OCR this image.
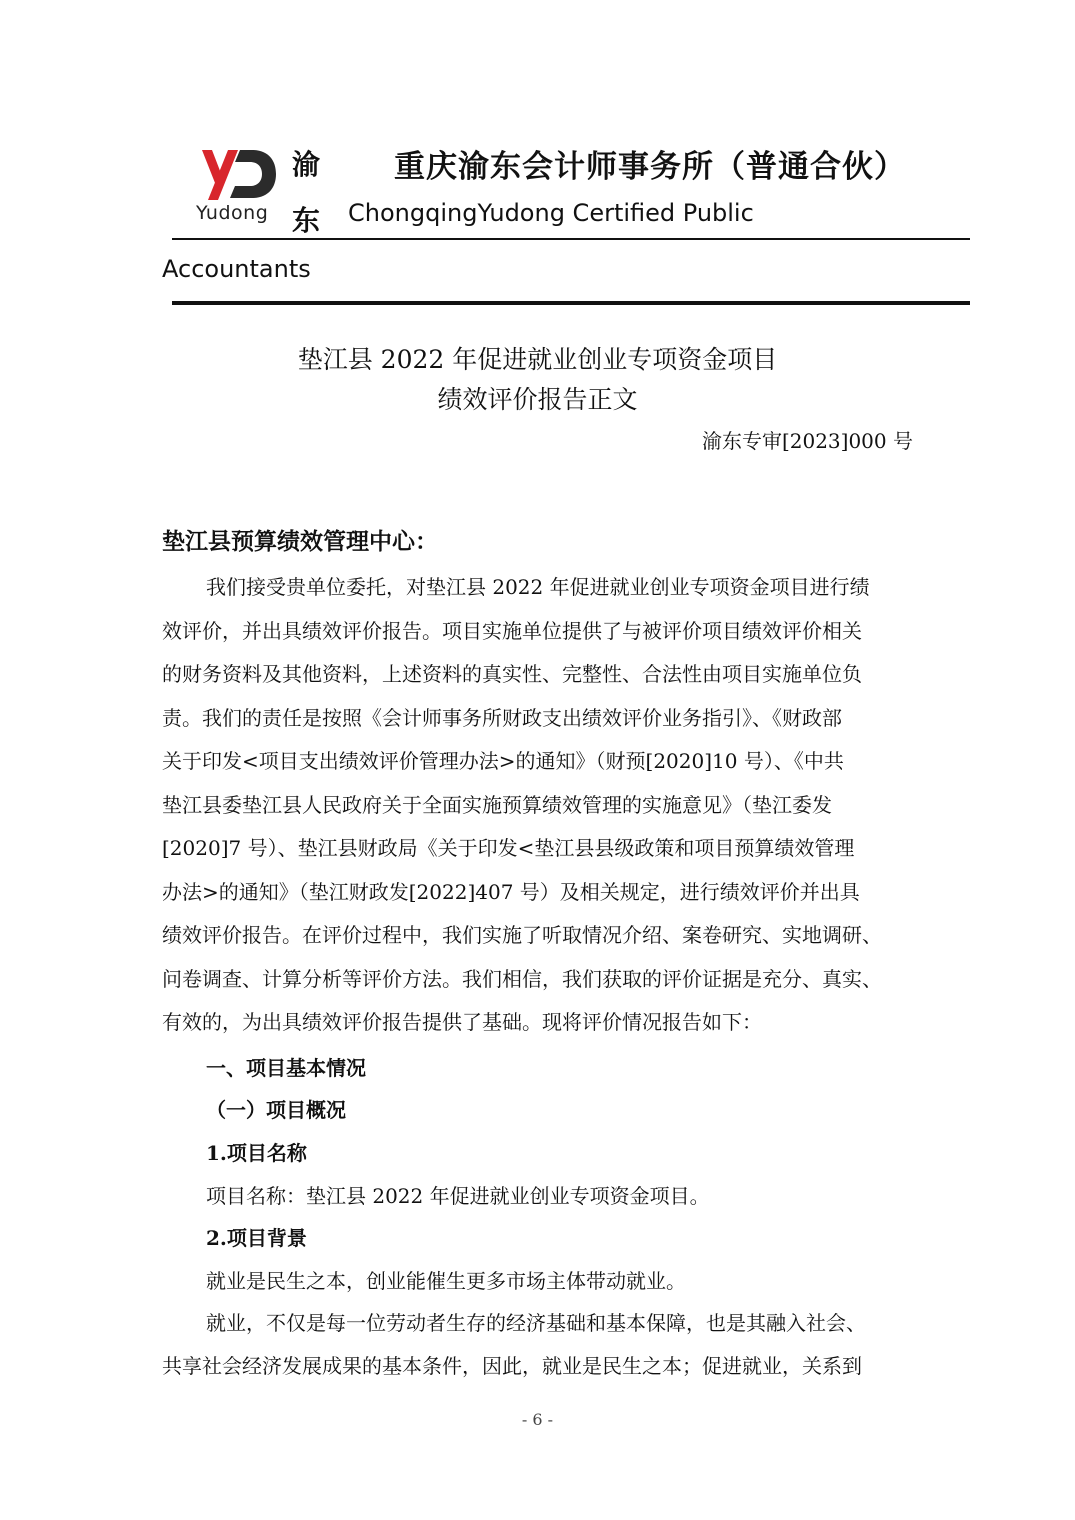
Yudong
渝
东
重庆渝东会计师事务所（普通合伙）
ChongqingYudong Certified Public
Accountants
垫江县 2022 年促进就业创业专项资金项目
绩效评价报告正文
渝东专审[2023]000 号
垫江县预算绩效管理中心：
我们接受贵单位委托，对垫江县 2022 年促进就业创业专项资金项目进行绩
效评价，并出具绩效评价报告。项目实施单位提供了与被评价项目绩效评价相关
的财务资料及其他资料，上述资料的真实性、完整性、合法性由项目实施单位负
责。我们的责任是按照《会计师事务所财政支出绩效评价业务指引》、《财政部
关于印发<项目支出绩效评价管理办法>的通知》（财预[2020]10 号）、《中共
垫江县委垫江县人民政府关于全面实施预算绩效管理的实施意见》（垫江委发
[2020]7 号）、垫江县财政局《关于印发<垫江县县级政策和项目预算绩效管理
办法>的通知》（垫江财政发[2022]407 号）及相关规定，进行绩效评价并出具
绩效评价报告。在评价过程中，我们实施了听取情况介绍、案卷研究、实地调研、
问卷调查、计算分析等评价方法。我们相信，我们获取的评价证据是充分、真实、
有效的，为出具绩效评价报告提供了基础。现将评价情况报告如下：
一、项目基本情况
（一）项目概况
1.项目名称
项目名称：垫江县 2022 年促进就业创业专项资金项目。
2.项目背景
就业是民生之本，创业能催生更多市场主体带动就业。
就业，不仅是每一位劳动者生存的经济基础和基本保障，也是其融入社会、
共享社会经济发展成果的基本条件，因此，就业是民生之本；促进就业，关系到
- 6 -
